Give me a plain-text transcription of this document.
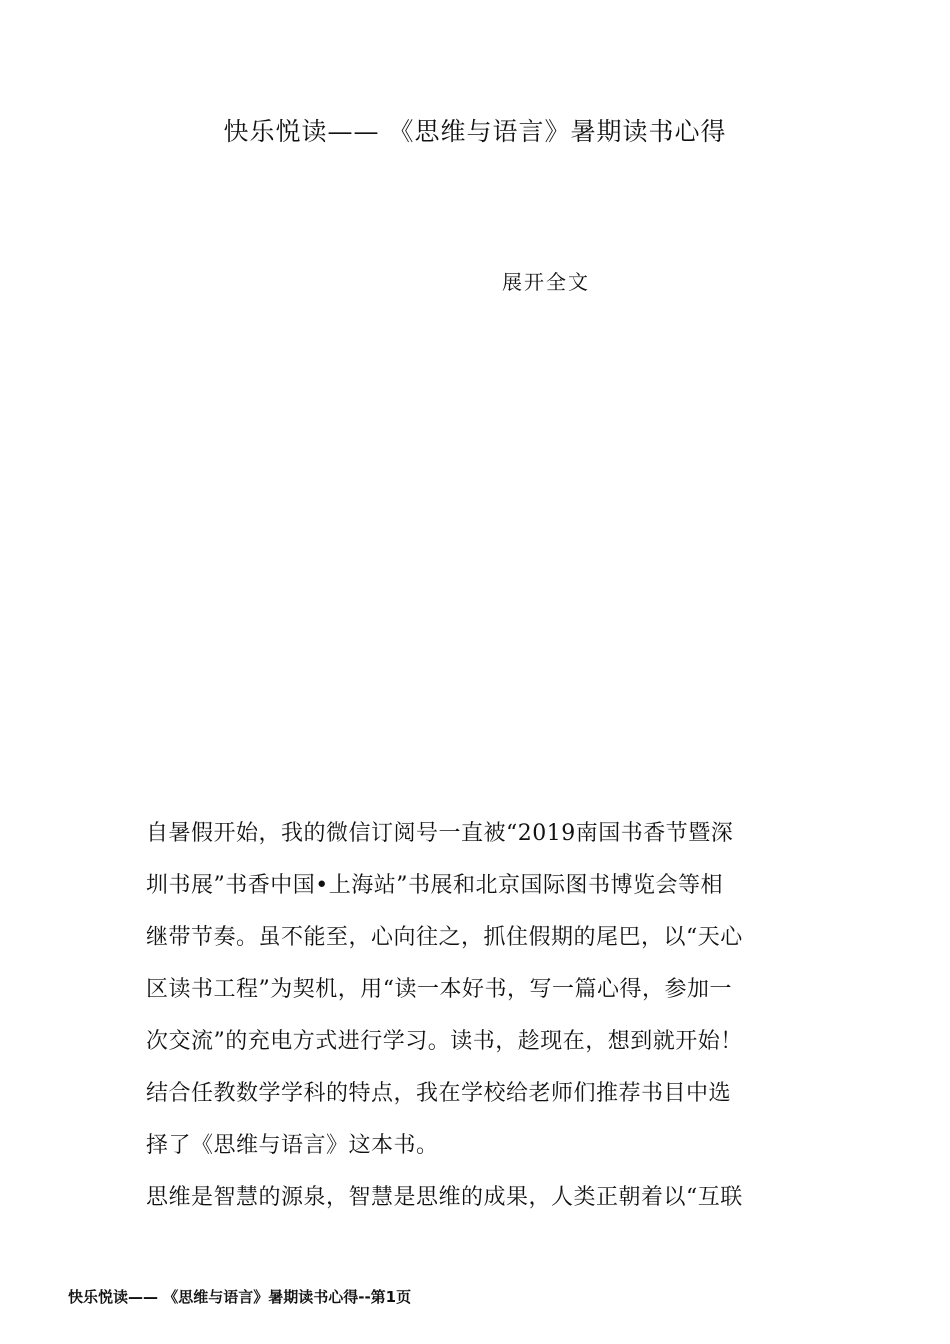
快乐悦读—— 《思维与语言》暑期读书心得
展开全文
自暑假开始，我的微信订阅号一直被“2019南国书香节暨深
圳书展”书香中国•上海站”书展和北京国际图书博览会等相
继带节奏。虽不能至，心向往之，抓住假期的尾巴，以“天心
区读书工程”为契机，用“读一本好书，写一篇心得，参加一
次交流”的充电方式进行学习。读书，趁现在，想到就开始！
结合任教数学学科的特点，我在学校给老师们推荐书目中选
择了《思维与语言》这本书。
思维是智慧的源泉，智慧是思维的成果，人类正朝着以“互联
快乐悦读—— 《思维与语言》暑期读书心得--第1页
